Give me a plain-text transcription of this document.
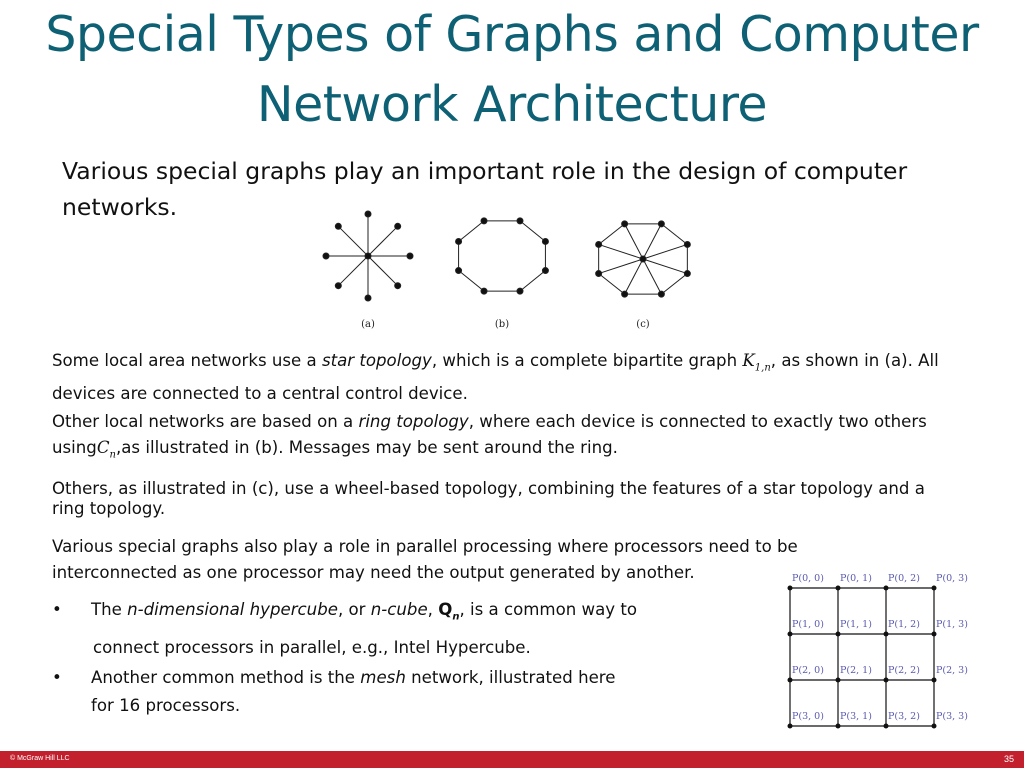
Special Types of Graphs and Computer
Network Architecture
Various special graphs play an important role in the design of computer networks.
(a)	(b)	(c)
Some local area networks use a star topology, which is a complete bipartite graph $K_{1,n}$, as shown in (a). All devices are connected to a central control device.
Other local networks are based on a ring topology, where each device is connected to exactly two others usingC$_n$,as illustrated in (b). Messages may be sent around the ring.
Others, as illustrated in (c), use a wheel-based topology, combining the features of a star topology and a ring topology.
Various special graphs also play a role in parallel processing where processors need to be interconnected as one processor may need the output generated by another.
• The n-dimensional hypercube, or n-cube, $Q_n$, is a common way to
connect processors in parallel, e.g., Intel Hypercube.
• Another common method is the mesh network, illustrated here
for 16 processors.
P(0, 0) P(0, 1) P(0, 2) P(0, 3)
P(1, 0) P(1, 1) P(1, 2) P(1, 3)
P(2, 0) P(2, 1) P(2, 2) P(2, 3)
P(3, 0) P(3, 1) P(3, 2) P(3, 3)
© McGraw Hill LLC	35
